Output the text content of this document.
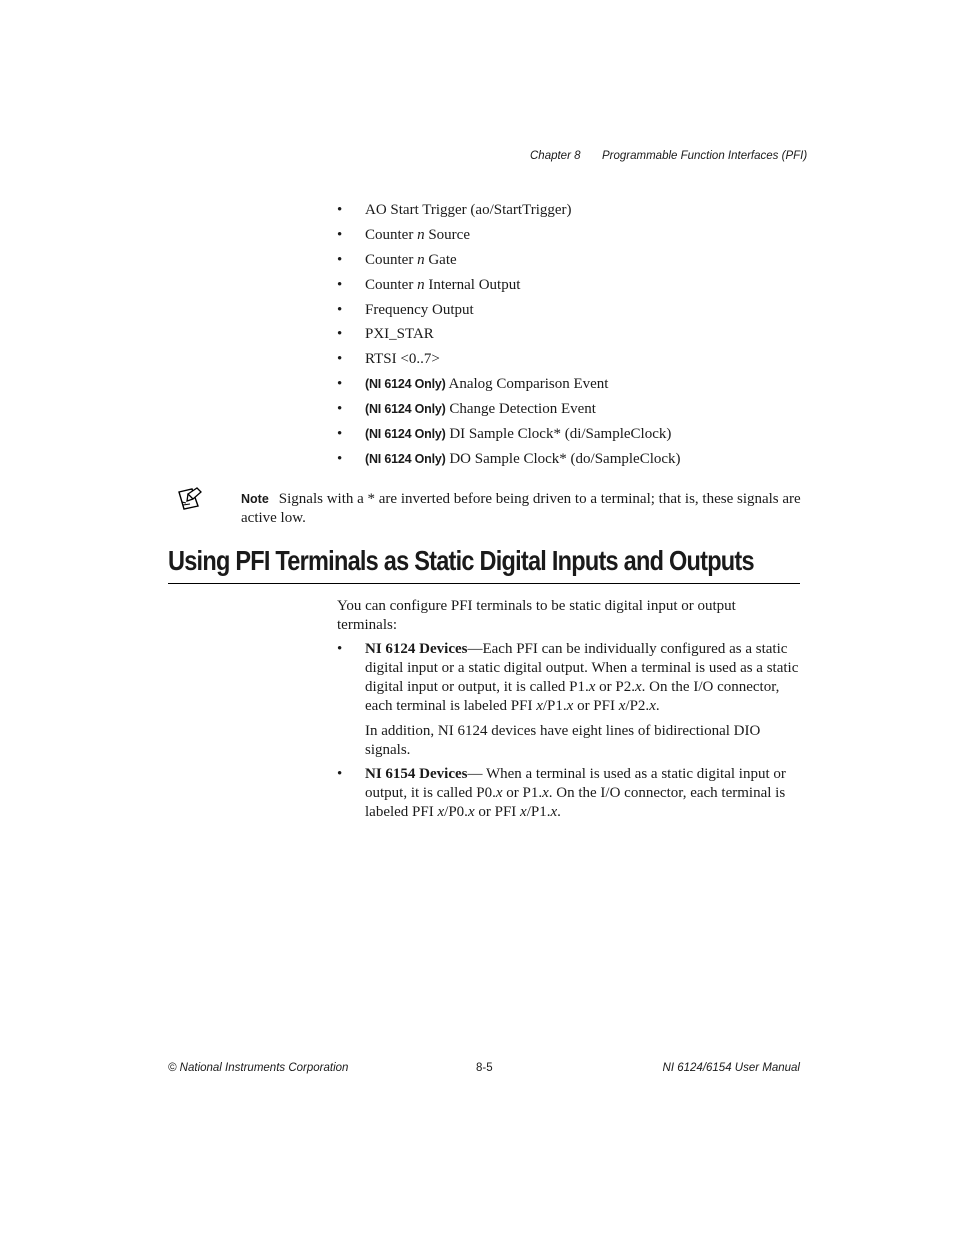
Chapter 8 Programmable Function Interfaces (PFI)
• AO Start Trigger (ao/StartTrigger)
• Counter n Source
• Counter n Gate
• Counter n Internal Output
• Frequency Output
• PXI_STAR
• RTSI <0..7>
• (NI 6124 Only) Analog Comparison Event
• (NI 6124 Only) Change Detection Event
• (NI 6124 Only) DI Sample Clock* (di/SampleClock)
• (NI 6124 Only) DO Sample Clock* (do/SampleClock)
Note Signals with a * are inverted before being driven to a terminal; that is, these signals are active low.
Using PFI Terminals as Static Digital Inputs and Outputs

You can configure PFI terminals to be static digital input or output terminals:

• NI 6124 Devices—Each PFI can be individually configured as a static digital input or a static digital output. When a terminal is used as a static digital input or output, it is called P1.x or P2.x. On the I/O connector, each terminal is labeled PFI x/P1.x or PFI x/P2.x.

In addition, NI 6124 devices have eight lines of bidirectional DIO signals.

• NI 6154 Devices— When a terminal is used as a static digital input or output, it is called P0.x or P1.x. On the I/O connector, each terminal is labeled PFI x/P0.x or PFI x/P1.x.

© National Instruments Corporation	8-5	NI 6124/6154 User Manual
